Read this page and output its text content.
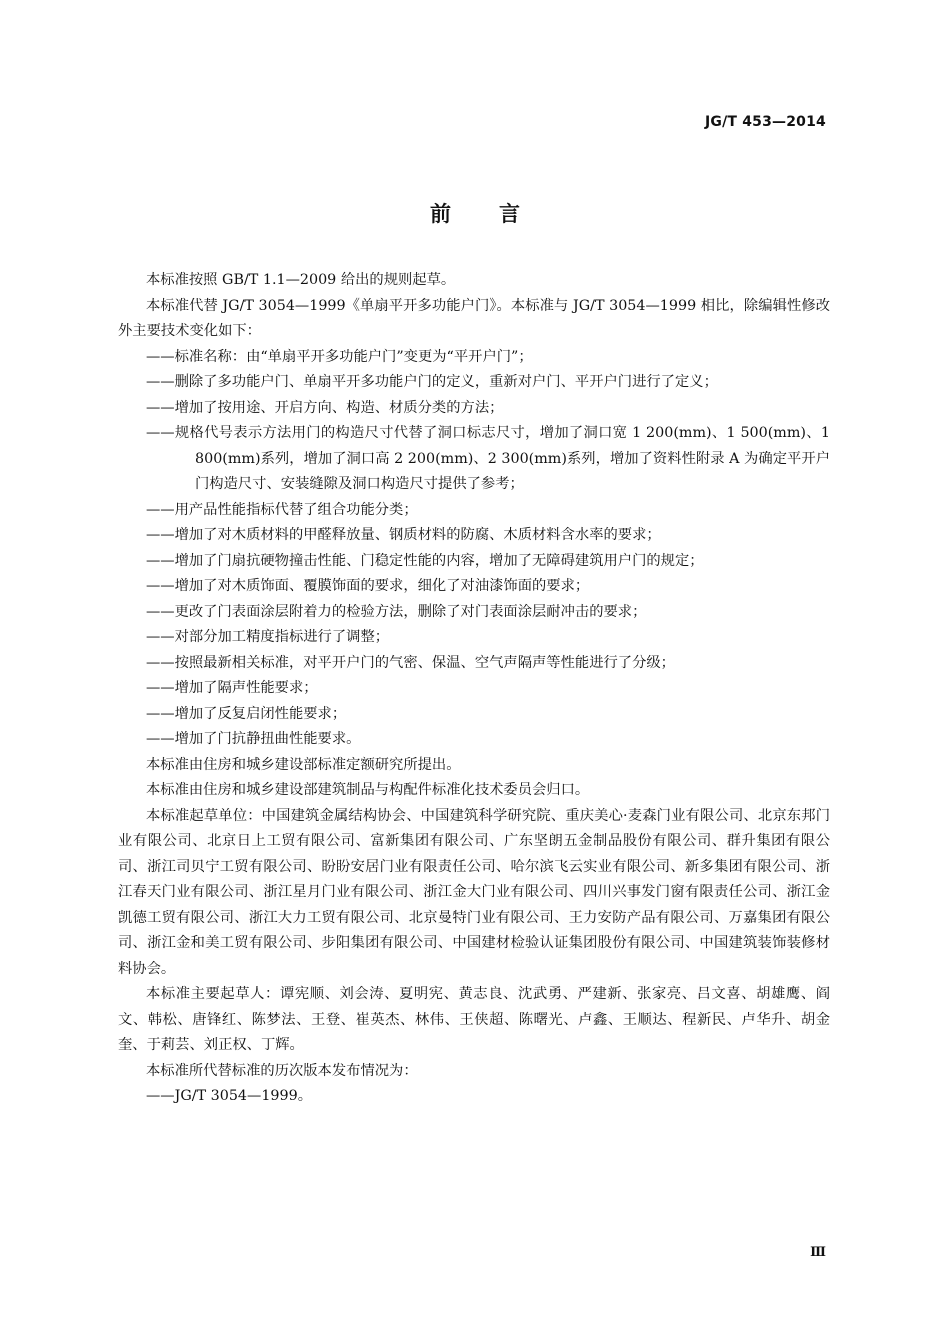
JG/T 453—2014
前言

本标准按照 GB/T 1.1—2009 给出的规则起草。

本标准代替 JG/T 3054—1999《单扇平开多功能户门》。本标准与 JG/T 3054—1999 相比，除编辑性修改外主要技术变化如下：

——标准名称：由“单扇平开多功能户门”变更为“平开户门”；

——删除了多功能户门、单扇平开多功能户门的定义，重新对户门、平开户门进行了定义；

——增加了按用途、开启方向、构造、材质分类的方法；

——规格代号表示方法用门的构造尺寸代替了洞口标志尺寸，增加了洞口宽 1 200(mm)、1 500(mm)、1 800(mm)系列，增加了洞口高 2 200(mm)、2 300(mm)系列，增加了资料性附录 A 为确定平开户门构造尺寸、安装缝隙及洞口构造尺寸提供了参考；

——用产品性能指标代替了组合功能分类；

——增加了对木质材料的甲醛释放量、钢质材料的防腐、木质材料含水率的要求；

——增加了门扇抗硬物撞击性能、门稳定性能的内容，增加了无障碍建筑用户门的规定；

——增加了对木质饰面、覆膜饰面的要求，细化了对油漆饰面的要求；

——更改了门表面涂层附着力的检验方法，删除了对门表面涂层耐冲击的要求；

——对部分加工精度指标进行了调整；

——按照最新相关标准，对平开户门的气密、保温、空气声隔声等性能进行了分级；

——增加了隔声性能要求；

——增加了反复启闭性能要求；

——增加了门抗静扭曲性能要求。

本标准由住房和城乡建设部标准定额研究所提出。

本标准由住房和城乡建设部建筑制品与构配件标准化技术委员会归口。

本标准起草单位：中国建筑金属结构协会、中国建筑科学研究院、重庆美心·麦森门业有限公司、北京东邦门业有限公司、北京日上工贸有限公司、富新集团有限公司、广东坚朗五金制品股份有限公司、群升集团有限公司、浙江司贝宁工贸有限公司、盼盼安居门业有限责任公司、哈尔滨飞云实业有限公司、新多集团有限公司、浙江春天门业有限公司、浙江星月门业有限公司、浙江金大门业有限公司、四川兴事发门窗有限责任公司、浙江金凯德工贸有限公司、浙江大力工贸有限公司、北京曼特门业有限公司、王力安防产品有限公司、万嘉集团有限公司、浙江金和美工贸有限公司、步阳集团有限公司、中国建材检验认证集团股份有限公司、中国建筑装饰装修材料协会。

本标准主要起草人：谭宪顺、刘会涛、夏明宪、黄志良、沈武勇、严建新、张家亮、吕文喜、胡雄鹰、阎文、韩松、唐锋红、陈梦法、王登、崔英杰、林伟、王侠超、陈曙光、卢鑫、王顺达、程新民、卢华升、胡金奎、于莉芸、刘正权、丁辉。

本标准所代替标准的历次版本发布情况为：

——JG/T 3054—1999。

Ⅲ
